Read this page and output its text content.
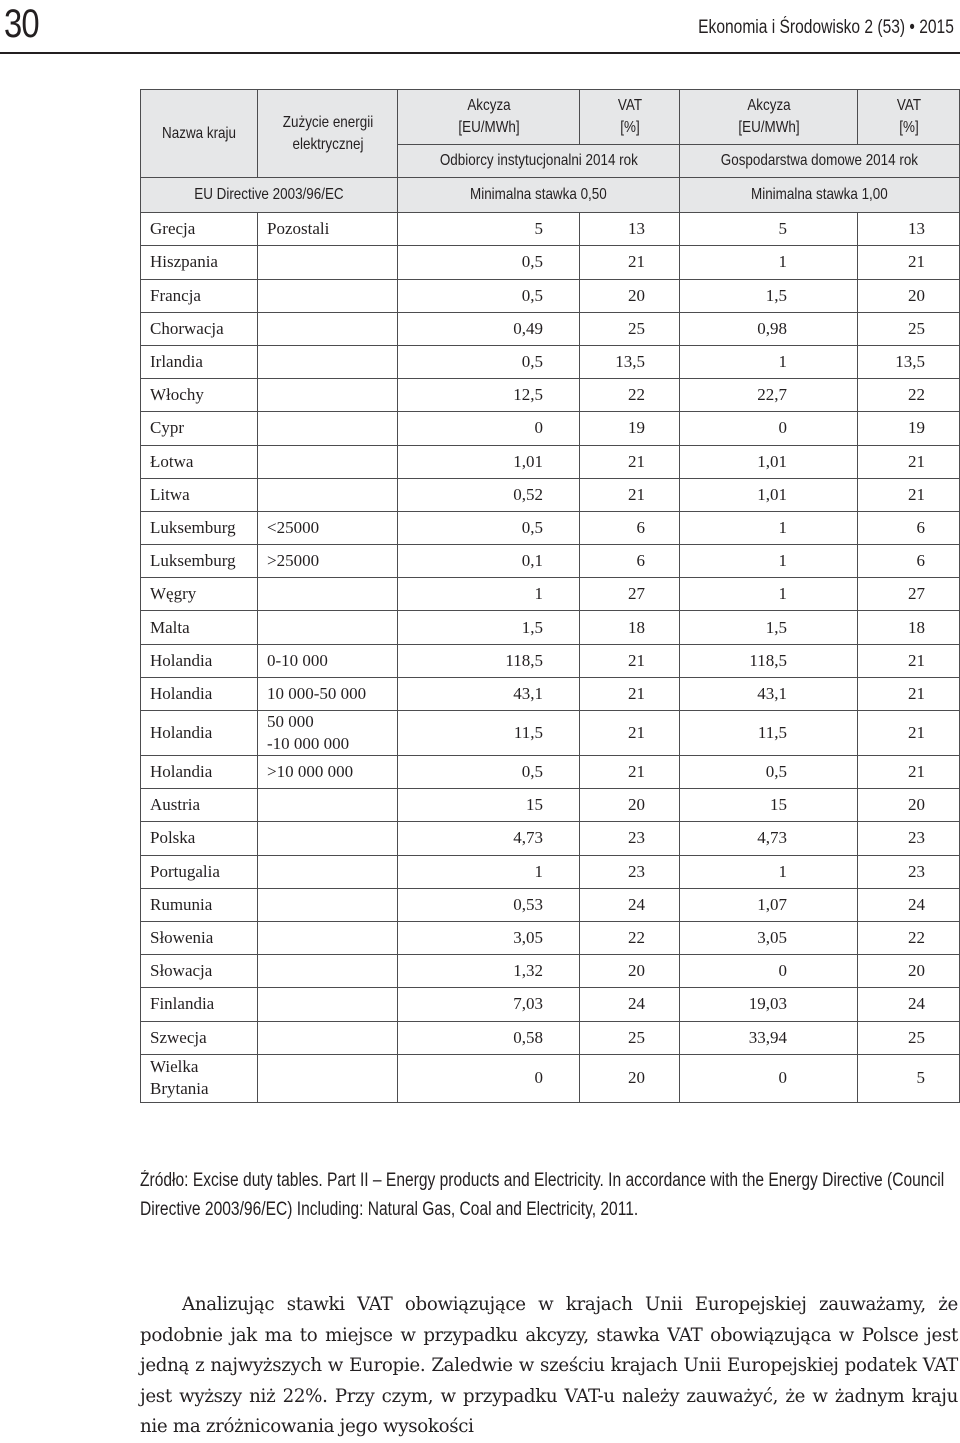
30	Ekonomia i Środowisko 2 (53) • 2015
Nazwa kraju	Zużycie energii elektrycznej	Akcyza [EU/MWh]	VAT [%]	Akcyza [EU/MWh]	VAT [%]
		Odbiorcy instytucjonalni 2014 rok		Gospodarstwa domowe 2014 rok	
EU Directive 2003/96/EC		Minimalna stawka 0,50		Minimalna stawka 1,00	
Grecja	Pozostali	5	13	5	13
Hiszpania		0,5	21	1	21
Francja		0,5	20	1,5	20
Chorwacja		0,49	25	0,98	25
Irlandia		0,5	13,5	1	13,5
Włochy		12,5	22	22,7	22
Cypr		0	19	0	19
Łotwa		1,01	21	1,01	21
Litwa		0,52	21	1,01	21
Luksemburg	<25000	0,5	6	1	6
Luksemburg	>25000	0,1	6	1	6
Węgry		1	27	1	27
Malta		1,5	18	1,5	18
Holandia	0-10 000	118,5	21	118,5	21
Holandia	10 000-50 000	43,1	21	43,1	21
Holandia	50 000
-10 000 000	11,5	21	11,5	21
Holandia	>10 000 000	0,5	21	0,5	21
Austria		15	20	15	20
Polska		4,73	23	4,73	23
Portugalia		1	23	1	23
Rumunia		0,53	24	1,07	24
Słowenia		3,05	22	3,05	22
Słowacja		1,32	20	0	20
Finlandia		7,03	24	19,03	24
Szwecja		0,58	25	33,94	25
Wielka
Brytania		0	20	0	5
Źródło: Excise duty tables. Part II – Energy products and Electricity. In accordance with the Energy Directive (Council Directive 2003/96/EC) Including: Natural Gas, Coal and Electricity, 2011.
Analizując stawki VAT obowiązujące w krajach Unii Europejskiej zauważamy, że podobnie jak ma to miejsce w przypadku akcyzy, stawka VAT obowiązująca w Polsce jest jedną z najwyższych w Europie. Zaledwie w sześciu krajach Unii Europejskiej podatek VAT jest wyższy niż 22%. Przy czym, w przypadku VAT-u należy zauważyć, że w żadnym kraju nie ma zróżnicowania jego wysokości
